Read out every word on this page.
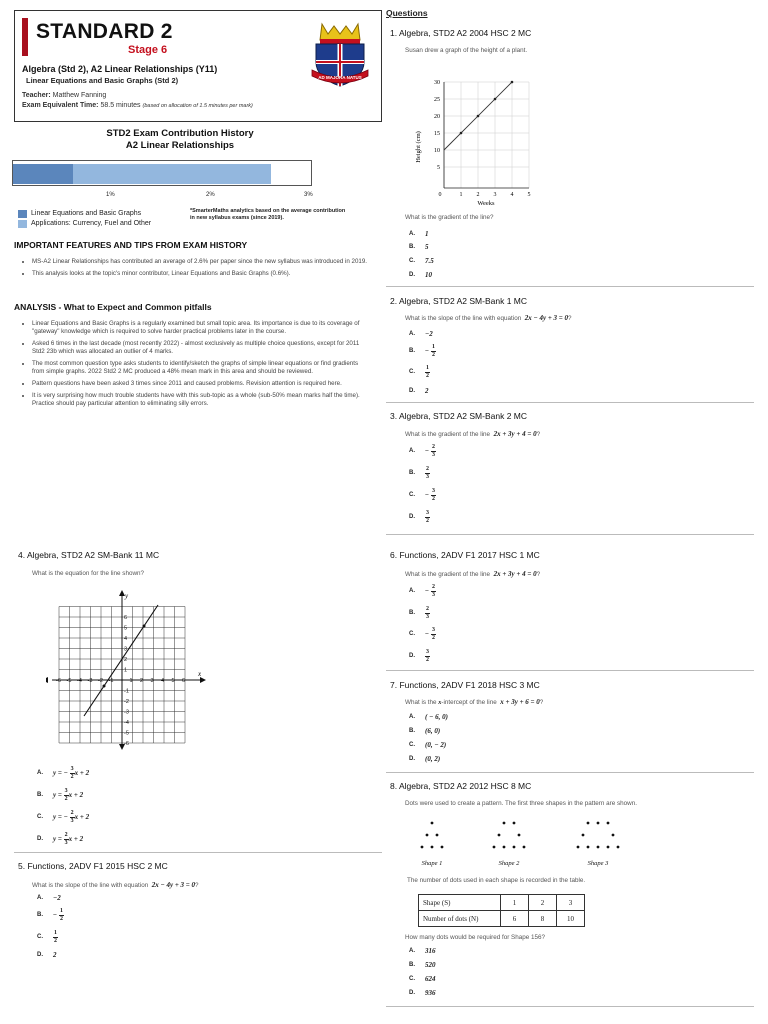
STANDARD 2
Stage 6
AD MAJORA NATUS
Algebra (Std 2), A2 Linear Relationships (Y11)
Linear Equations and Basic Graphs (Std 2)
Teacher: Matthew Fanning
Exam Equivalent Time: 58.5 minutes (based on allocation of 1.5 minutes per mark)
STD2 Exam Contribution History
A2 Linear Relationships
1%	2%	3%
Linear Equations and Basic Graphs
Applications: Currency, Fuel and Other
*SmarterMaths analytics based on the average contribution in new syllabus exams (since 2019).
IMPORTANT FEATURES AND TIPS FROM EXAM HISTORY
• MS-A2 Linear Relationships has contributed an average of 2.6% per paper since the new syllabus was introduced in 2019.
• This analysis looks at the topic's minor contributor, Linear Equations and Basic Graphs (0.6%).
ANALYSIS - What to Expect and Common pitfalls
• Linear Equations and Basic Graphs is a regularly examined but small topic area. Its importance is due to its coverage of "gateway" knowledge which is required to solve harder practical problems later in the course.
• Asked 6 times in the last decade (most recently 2022) - almost exclusively as multiple choice questions, except for 2011 Std2 23b which was allocated an outlier of 4 marks.
• The most common question type asks students to identify/sketch the graphs of simple linear equations or find gradients from simple graphs. 2022 Std2 2 MC produced a 48% mean mark in this area and should be reviewed.
• Pattern questions have been asked 3 times since 2011 and caused problems. Revision attention is required here.
• It is very surprising how much trouble students have with this sub-topic as a whole (sub-50% mean marks half the time). Practice should pay particular attention to eliminating silly errors.
Questions
1. Algebra, STD2 A2 2004 HSC 2 MC
Susan drew a graph of the height of a plant.
Height (cm)
30
25
20
15
10
5
0	1 2 3 4 5
Weeks
What is the gradient of the line?
A.	1
B.	5
C.	7.5
D.	10
2. Algebra, STD2 A2 SM-Bank 1 MC
What is the slope of the line with equation 2x − 4y + 3 = 0?
A.	−2
B.	− $\frac{1}{2}$
C.	$\frac{1}{2}$
D.	2
3. Algebra, STD2 A2 SM-Bank 2 MC
What is the gradient of the line 2x + 3y + 4 = 0?
A.	− $\frac{2}{3}$
B.	$\frac{2}{3}$
C.	− $\frac{3}{2}$
D.	$\frac{3}{2}$
4. Algebra, STD2 A2 SM-Bank 11 MC
What is the equation for the line shown?
x
y
-6 -5 -4 -3 -2 -1	1 2 3 4 5 6
-6
-5
-4
-3
-2
-1
1
2
3
4
5
6
A.	y = − $\frac{3}{2}$ x + 2
B.	$y = \frac{3}{2}$ x + 2
C.	y = − $\frac{2}{3}$ x + 2
D.	$y = \frac{2}{3}$ x + 2
5. Functions, 2ADV F1 2015 HSC 2 MC
What is the slope of the line with equation 2x − 4y + 3 = 0?
A.	−2
B.	− $\frac{1}{2}$
C.	$\frac{1}{2}$
D.	2
6. Functions, 2ADV F1 2017 HSC 1 MC
What is the gradient of the line 2x + 3y + 4 = 0?
A.	− $\frac{2}{3}$
B.	$\frac{2}{3}$
C.	− $\frac{3}{2}$
D.	$\frac{3}{2}$
7. Functions, 2ADV F1 2018 HSC 3 MC
What is the x-intercept of the line x + 3y + 6 = 0?
A.	( − 6, 0)
B.	(6, 0)
C.	(0, − 2)
D.	(0, 2)
8. Algebra, STD2 A2 2012 HSC 8 MC
Dots were used to create a pattern. The first three shapes in the pattern are shown.
Shape 1	Shape 2	Shape 3
The number of dots used in each shape is recorded in the table.
Shape (S)	1	2	3
Number of dots (N)	6	8	10
How many dots would be required for Shape 156?
A.	316
B.	520
C.	624
D.	936
